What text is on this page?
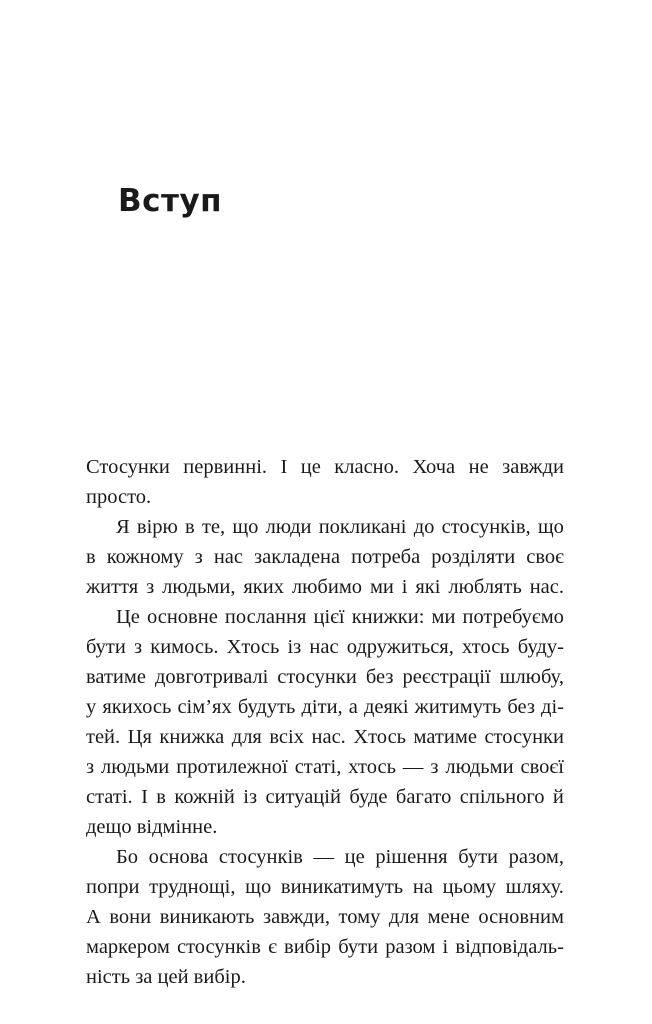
Вступ
Стосунки первинні. І це класно. Хоча не завжди
просто.
Я вірю в те, що люди покликані до стосунків, що
в кожному з нас закладена потреба розділяти своє
життя з людьми, яких любимо ми і які люблять нас.
Це основне послання цієї книжки: ми потребуємо
бути з кимось. Хтось із нас одружиться, хтось буду-
ватиме довготривалі стосунки без реєстрації шлюбу,
у якихось сім’ях будуть діти, а деякі житимуть без ді-
тей. Ця книжка для всіх нас. Хтось матиме стосунки
з людьми протилежної статі, хтось — з людьми своєї
статі. І в кожній із ситуацій буде багато спільного й
дещо відмінне.
Бо основа стосунків — це рішення бути разом,
попри труднощі, що виникатимуть на цьому шляху.
А вони виникають завжди, тому для мене основним
маркером стосунків є вибір бути разом і відповідаль-
ність за цей вибір.
